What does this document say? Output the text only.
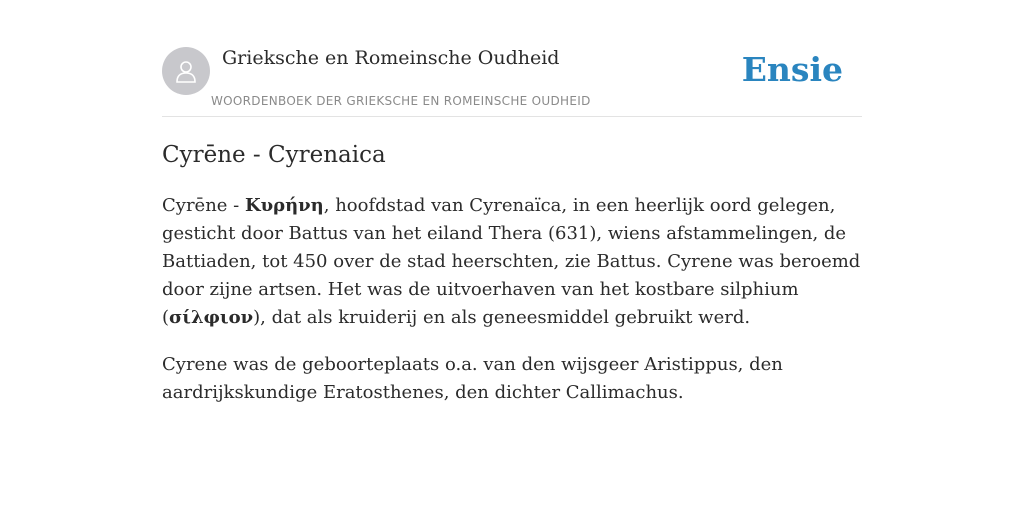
Grieksche en Romeinsche Oudheid
WOORDENBOEK DER GRIEKSCHE EN ROMEINSCHE OUDHEID
Ensie
Cyrēne - Cyrenaica

Cyrēne - Κυρήνη, hoofdstad van Cyrenaïca, in een heerlijk oord gelegen, gesticht door Battus van het eiland Thera (631), wiens afstammelingen, de Battiaden, tot 450 over de stad heerschten, zie Battus. Cyrene was beroemd door zijne artsen. Het was de uitvoerhaven van het kostbare silphium (σίλφιον), dat als kruiderij en als geneesmiddel gebruikt werd.

Cyrene was de geboorteplaats o.a. van den wijsgeer Aristippus, den aardrijkskundige Eratosthenes, den dichter Callimachus.
